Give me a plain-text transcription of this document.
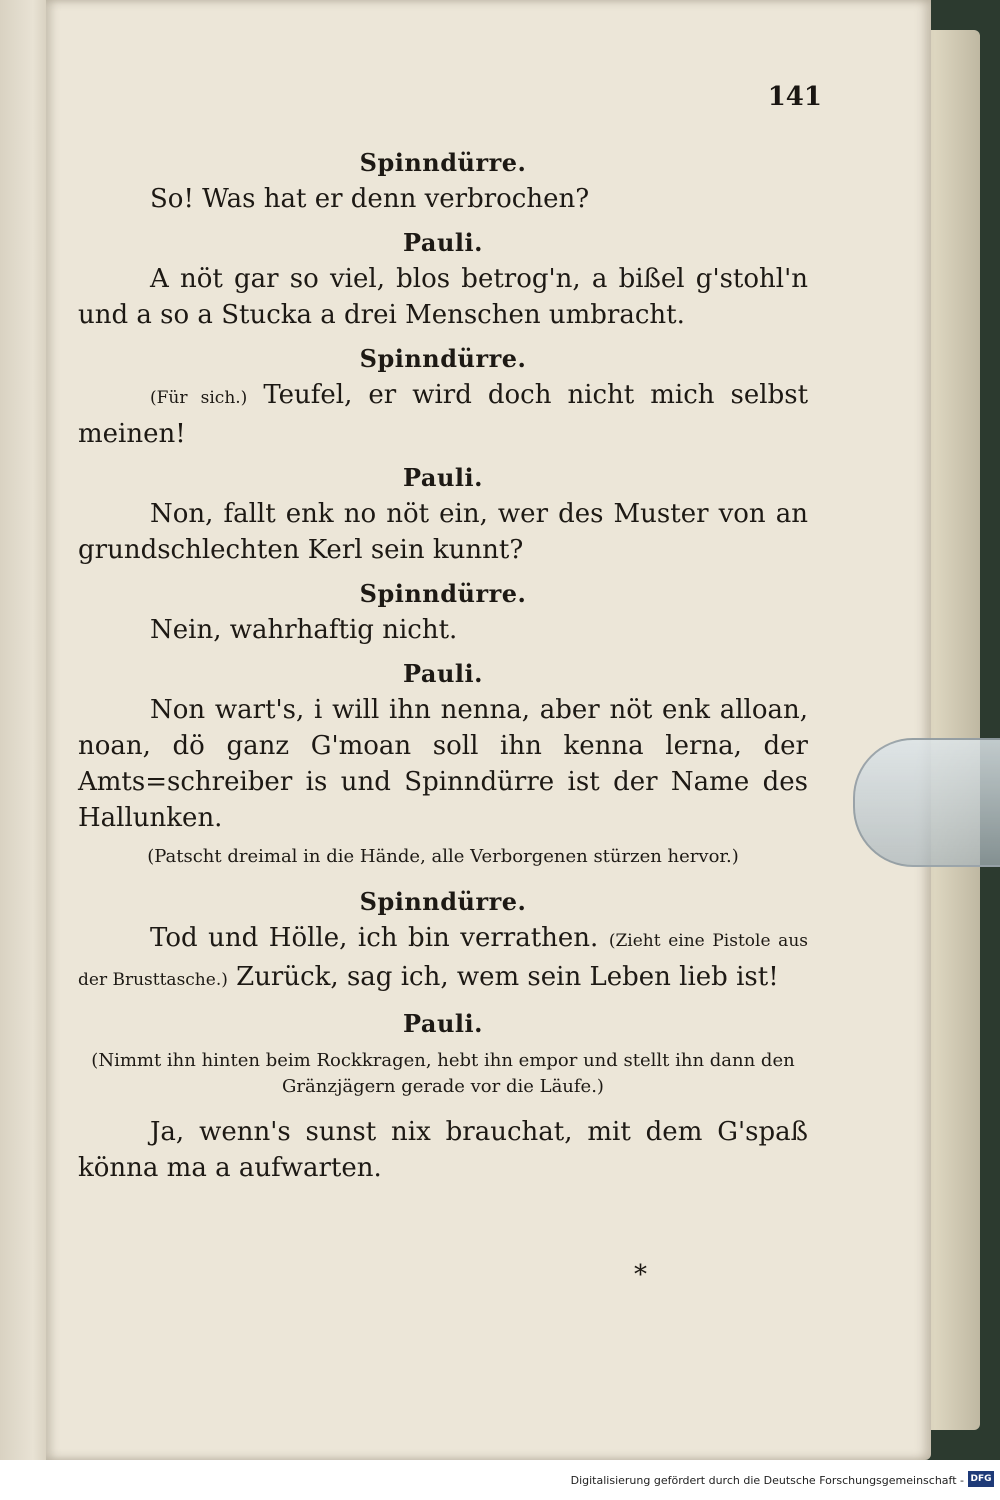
141

Spinndürre.

So! Was hat er denn verbrochen?

Pauli.

A nöt gar so viel, blos betrog'n, a bißel g'stohl'n und a so a Stucka a drei Menschen umbracht.

Spinndürre.

(Für sich.) Teufel, er wird doch nicht mich selbst meinen!

Pauli.

Non, fallt enk no nöt ein, wer des Muster von an grundschlechten Kerl sein kunnt?

Spinndürre.

Nein, wahrhaftig nicht.

Pauli.

Non wart's, i will ihn nenna, aber nöt enk alloan, noan, dö ganz G'moan soll ihn kenna lerna, der Amts=schreiber is und Spinndürre ist der Name des Hallunken.

(Patscht dreimal in die Hände, alle Verborgenen stürzen hervor.)

Spinndürre.

Tod und Hölle, ich bin verrathen. (Zieht eine Pistole aus der Brusttasche.) Zurück, sag ich, wem sein Leben lieb ist!

Pauli.

(Nimmt ihn hinten beim Rockkragen, hebt ihn empor und stellt ihn dann den Gränzjägern gerade vor die Läufe.)

Ja, wenn's sunst nix brauchat, mit dem G'spaß könna ma a aufwarten.

*
Digitalisierung gefördert durch die Deutsche Forschungsgemeinschaft - DFG
